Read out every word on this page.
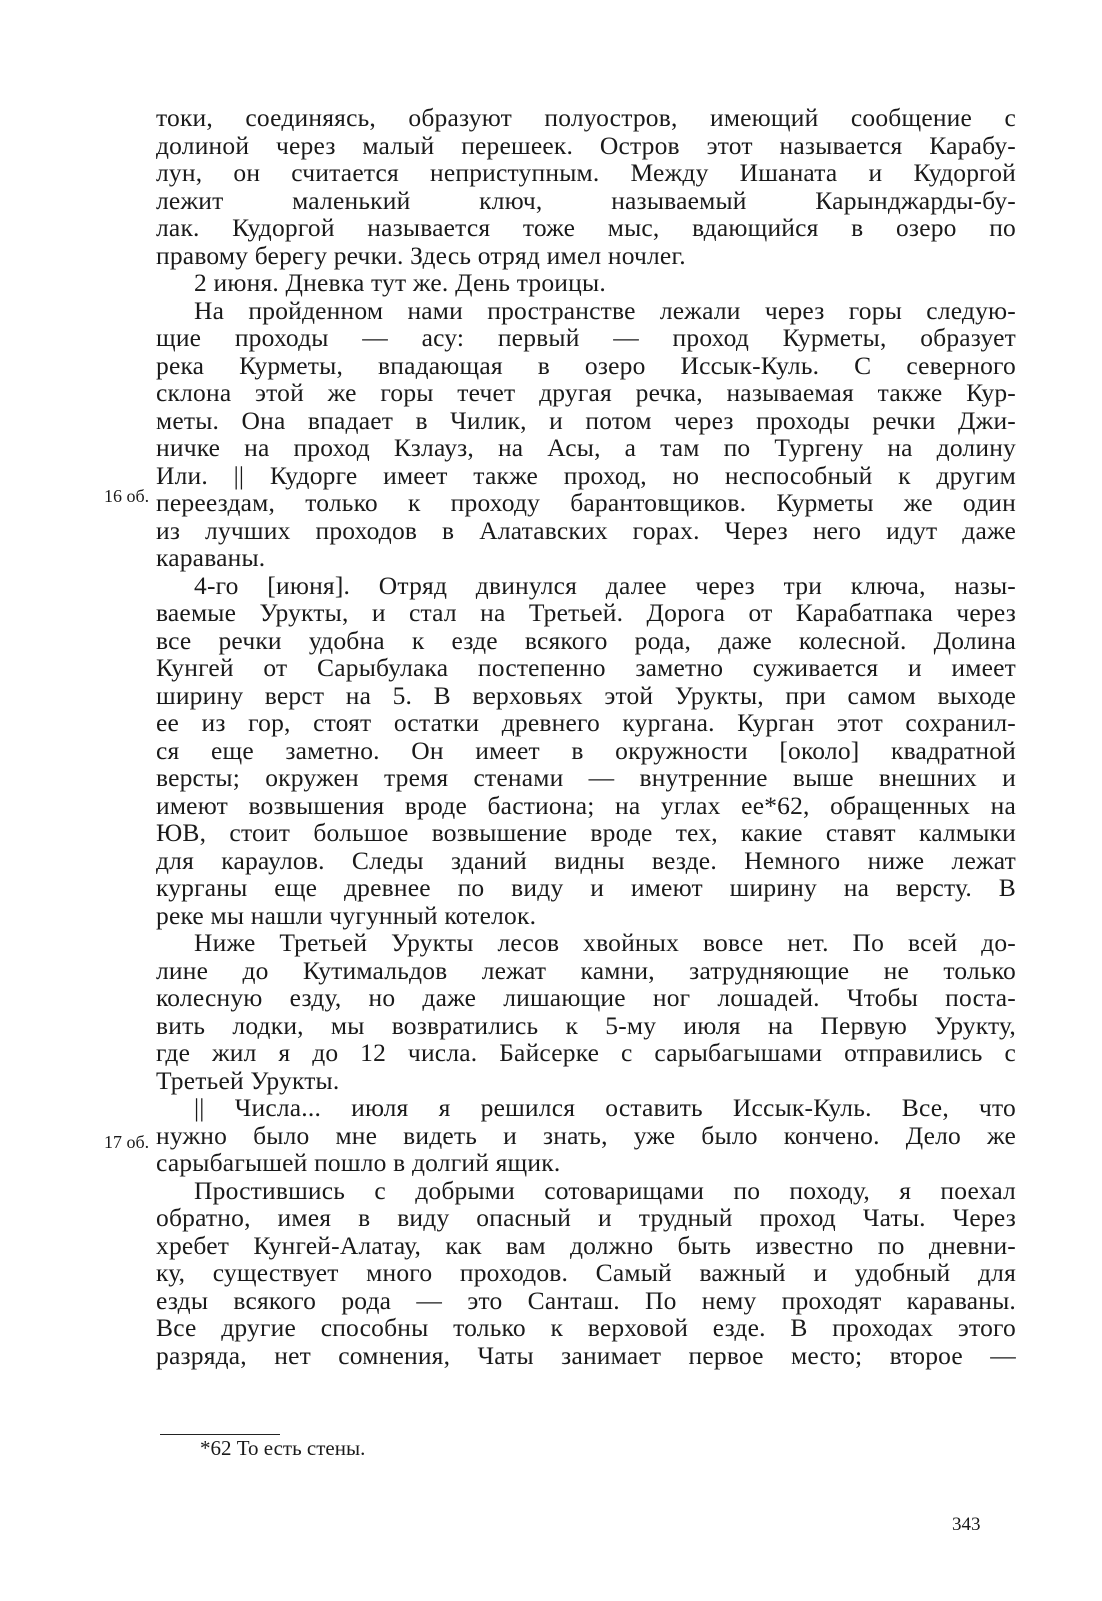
токи, соединяясь, образуют полуостров, имеющий сообщение с
долиной через малый перешеек. Остров этот называется Карабу-
лун, он считается неприступным. Между Ишаната и Кудоргой
лежит маленький ключ, называемый Карынджарды-бу-
лак. Кудоргой называется тоже мыс, вдающийся в озеро по
правому берегу речки. Здесь отряд имел ночлег.
2 июня. Дневка тут же. День троицы.
На пройденном нами пространстве лежали через горы следую-
щие проходы — асу: первый — проход Курметы, образует
река Курметы, впадающая в озеро Иссык-Куль. С северного
склона этой же горы течет другая речка, называемая также Кур-
меты. Она впадает в Чилик, и потом через проходы речки Джи-
ничке на проход Кзлауз, на Асы, а там по Тургену на долину
Или. || Кудорге имеет также проход, но неспособный к другим
переездам, только к проходу барантовщиков. Курметы же один
из лучших проходов в Алатавских горах. Через него идут даже
караваны.
4-го [июня]. Отряд двинулся далее через три ключа, назы-
ваемые Урукты, и стал на Третьей. Дорога от Карабатпака через
все речки удобна к езде всякого рода, даже колесной. Долина
Кунгей от Сарыбулака постепенно заметно суживается и имеет
ширину верст на 5. В верховьях этой Урукты, при самом выходе
ее из гор, стоят остатки древнего кургана. Курган этот сохранил-
ся еще заметно. Он имеет в окружности [около] квадратной
версты; окружен тремя стенами — внутренние выше внешних и
имеют возвышения вроде бастиона; на углах ее*62, обращенных на
ЮВ, стоит большое возвышение вроде тех, какие ставят калмыки
для караулов. Следы зданий видны везде. Немного ниже лежат
курганы еще древнее по виду и имеют ширину на версту. В
реке мы нашли чугунный котелок.
Ниже Третьей Урукты лесов хвойных вовсе нет. По всей до-
лине до Кутимальдов лежат камни, затрудняющие не только
колесную езду, но даже лишающие ног лошадей. Чтобы поста-
вить лодки, мы возвратились к 5-му июля на Первую Урукту,
где жил я до 12 числа. Байсерке с сарыбагышами отправились с
Третьей Урукты.
|| Числа... июля я решился оставить Иссык-Куль. Все, что
нужно было мне видеть и знать, уже было кончено. Дело же
сарыбагышей пошло в долгий ящик.
Простившись с добрыми сотоварищами по походу, я поехал
обратно, имея в виду опасный и трудный проход Чаты. Через
хребет Кунгей-Алатау, как вам должно быть известно по дневни-
ку, существует много проходов. Самый важный и удобный для
езды всякого рода — это Санташ. По нему проходят караваны.
Все другие способны только к верховой езде. В проходах этого
разряда, нет сомнения, Чаты занимает первое место; второе —
16 об.
17 об.
*62 То есть стены.
343
